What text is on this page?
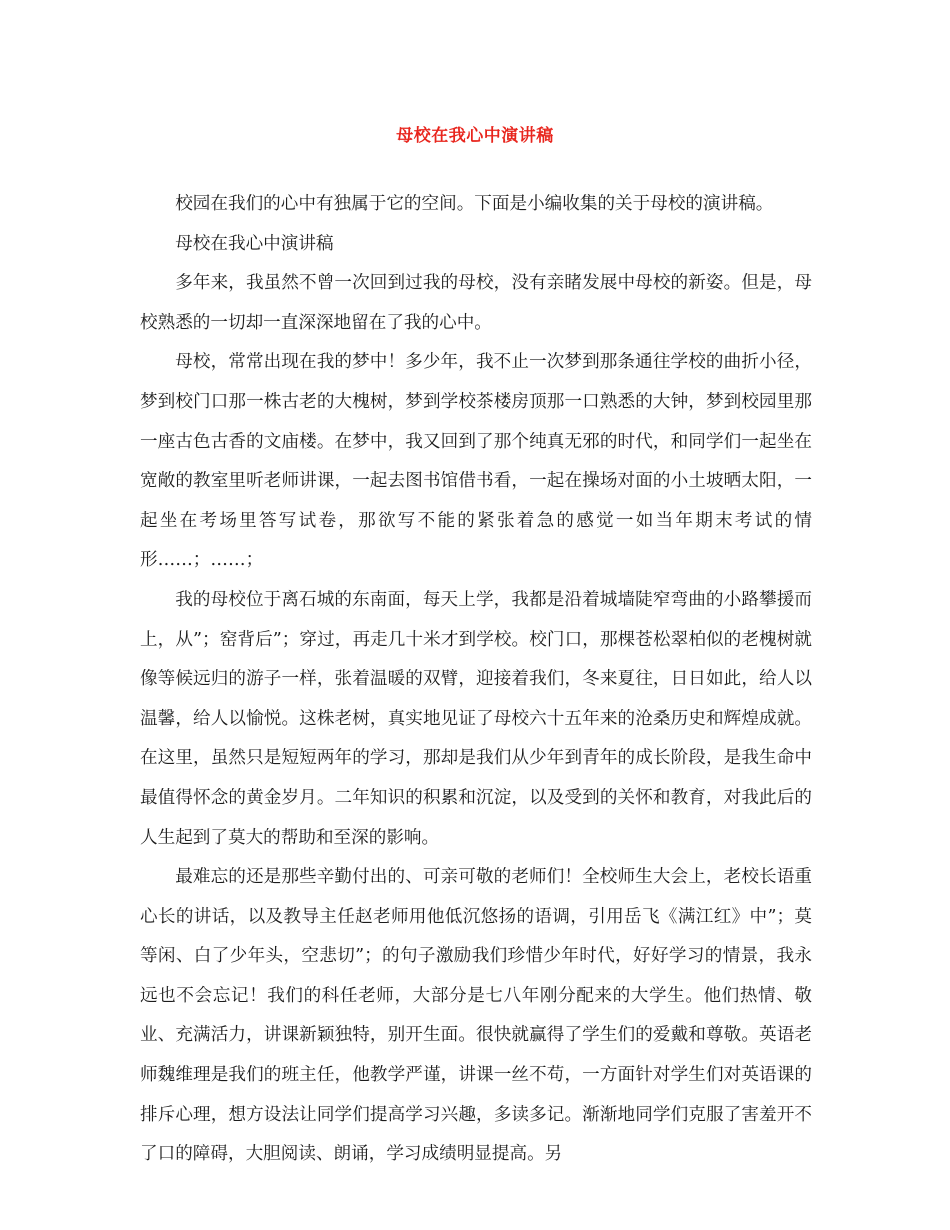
母校在我心中演讲稿

校园在我们的心中有独属于它的空间。下面是小编收集的关于母校的演讲稿。

母校在我心中演讲稿

多年来，我虽然不曾一次回到过我的母校，没有亲睹发展中母校的新姿。但是，母校熟悉的一切却一直深深地留在了我的心中。

母校，常常出现在我的梦中！多少年，我不止一次梦到那条通往学校的曲折小径，梦到校门口那一株古老的大槐树，梦到学校茶楼房顶那一口熟悉的大钟，梦到校园里那一座古色古香的文庙楼。在梦中，我又回到了那个纯真无邪的时代，和同学们一起坐在宽敞的教室里听老师讲课，一起去图书馆借书看，一起在操场对面的小土坡晒太阳，一起坐在考场里答写试卷，那欲写不能的紧张着急的感觉一如当年期末考试的情形……；……；

我的母校位于离石城的东南面，每天上学，我都是沿着城墙陡窄弯曲的小路攀援而上，从”；窑背后”；穿过，再走几十米才到学校。校门口，那棵苍松翠柏似的老槐树就像等候远归的游子一样，张着温暖的双臂，迎接着我们，冬来夏往，日日如此，给人以温馨，给人以愉悦。这株老树，真实地见证了母校六十五年来的沧桑历史和辉煌成就。在这里，虽然只是短短两年的学习，那却是我们从少年到青年的成长阶段，是我生命中最值得怀念的黄金岁月。二年知识的积累和沉淀，以及受到的关怀和教育，对我此后的人生起到了莫大的帮助和至深的影响。

最难忘的还是那些辛勤付出的、可亲可敬的老师们！全校师生大会上，老校长语重心长的讲话，以及教导主任赵老师用他低沉悠扬的语调，引用岳飞《满江红》中”；莫等闲、白了少年头，空悲切”；的句子激励我们珍惜少年时代，好好学习的情景，我永远也不会忘记！我们的科任老师，大部分是七八年刚分配来的大学生。他们热情、敬业、充满活力，讲课新颖独特，别开生面。很快就赢得了学生们的爱戴和尊敬。英语老师魏维理是我们的班主任，他教学严谨，讲课一丝不苟，一方面针对学生们对英语课的排斥心理，想方设法让同学们提高学习兴趣，多读多记。渐渐地同学们克服了害羞开不了口的障碍，大胆阅读、朗诵，学习成绩明显提高。另
